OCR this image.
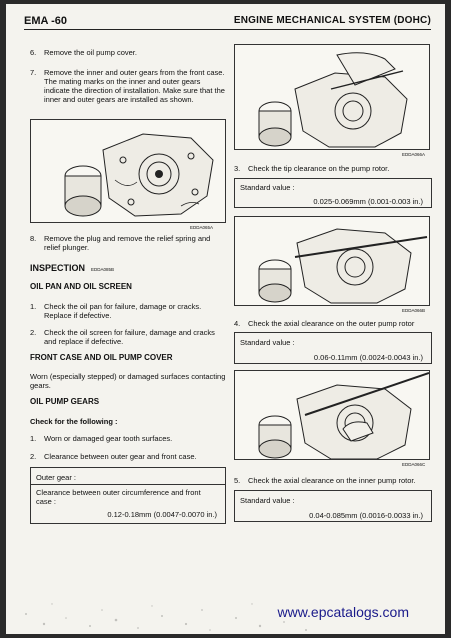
EMA -60	ENGINE MECHANICAL SYSTEM (DOHC)
6. Remove the oil pump cover.
7. Remove the inner and outer gears from the front case. The mating marks on the inner and outer gears indicate the direction of installation. Make sure that the inner and outer gears are installed as shown.
EDDA065A
8. Remove the plug and remove the relief spring and relief plunger.
INSPECTION EDDA085B
OIL PAN AND OIL SCREEN
1. Check the oil pan for failure, damage or cracks. Replace if defective.
2. Check the oil screen for failure, damage and cracks and replace if defective.
FRONT CASE AND OIL PUMP COVER
Worn (especially stepped) or damaged surfaces contacting gears.
OIL PUMP GEARS
Check for the following :
1. Worn or damaged gear tooth surfaces.
2. Clearance between outer gear and front case.
Outer gear :
Clearance between outer circumference and front case :
0.12-0.18mm (0.0047-0.0070 in.)
EDDA066A
3. Check the tip clearance on the pump rotor.
Standard value :
0.025-0.069mm (0.001-0.003 in.)
EDDA066B
4. Check the axial clearance on the outer pump rotor
Standard value :
0.06-0.11mm (0.0024-0.0043 in.)
EDDA066C
5. Check the axial clearance on the inner pump rotor.
Standard value :
0.04-0.085mm (0.0016-0.0033 in.)
www.epcatalogs.com
